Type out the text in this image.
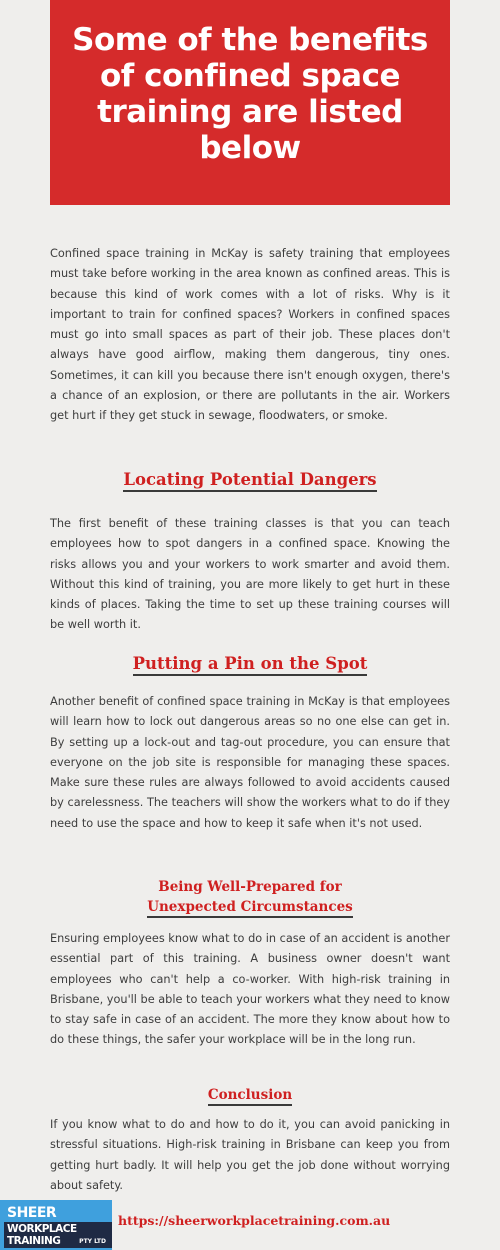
Some of the benefits of confined space training are listed below

Confined space training in McKay is safety training that employees must take before working in the area known as confined areas. This is because this kind of work comes with a lot of risks. Why is it important to train for confined spaces? Workers in confined spaces must go into small spaces as part of their job. These places don't always have good airflow, making them dangerous, tiny ones. Sometimes, it can kill you because there isn't enough oxygen, there's a chance of an explosion, or there are pollutants in the air. Workers get hurt if they get stuck in sewage, floodwaters, or smoke.

Locating Potential Dangers

The first benefit of these training classes is that you can teach employees how to spot dangers in a confined space. Knowing the risks allows you and your workers to work smarter and avoid them. Without this kind of training, you are more likely to get hurt in these kinds of places. Taking the time to set up these training courses will be well worth it.

Putting a Pin on the Spot

Another benefit of confined space training in McKay is that employees will learn how to lock out dangerous areas so no one else can get in. By setting up a lock-out and tag-out procedure, you can ensure that everyone on the job site is responsible for managing these spaces. Make sure these rules are always followed to avoid accidents caused by carelessness. The teachers will show the workers what to do if they need to use the space and how to keep it safe when it's not used.

Being Well-Prepared for
Unexpected Circumstances

Ensuring employees know what to do in case of an accident is another essential part of this training. A business owner doesn't want employees who can't help a co-worker. With high-risk training in Brisbane, you'll be able to teach your workers what they need to know to stay safe in case of an accident. The more they know about how to do these things, the safer your workplace will be in the long run.

Conclusion

If you know what to do and how to do it, you can avoid panicking in stressful situations. High-risk training in Brisbane can keep you from getting hurt badly. It will help you get the job done without worrying about safety.

SHEER
WORKPLACE TRAINING	PTY LTD
https://sheerworkplacetraining.com.au
